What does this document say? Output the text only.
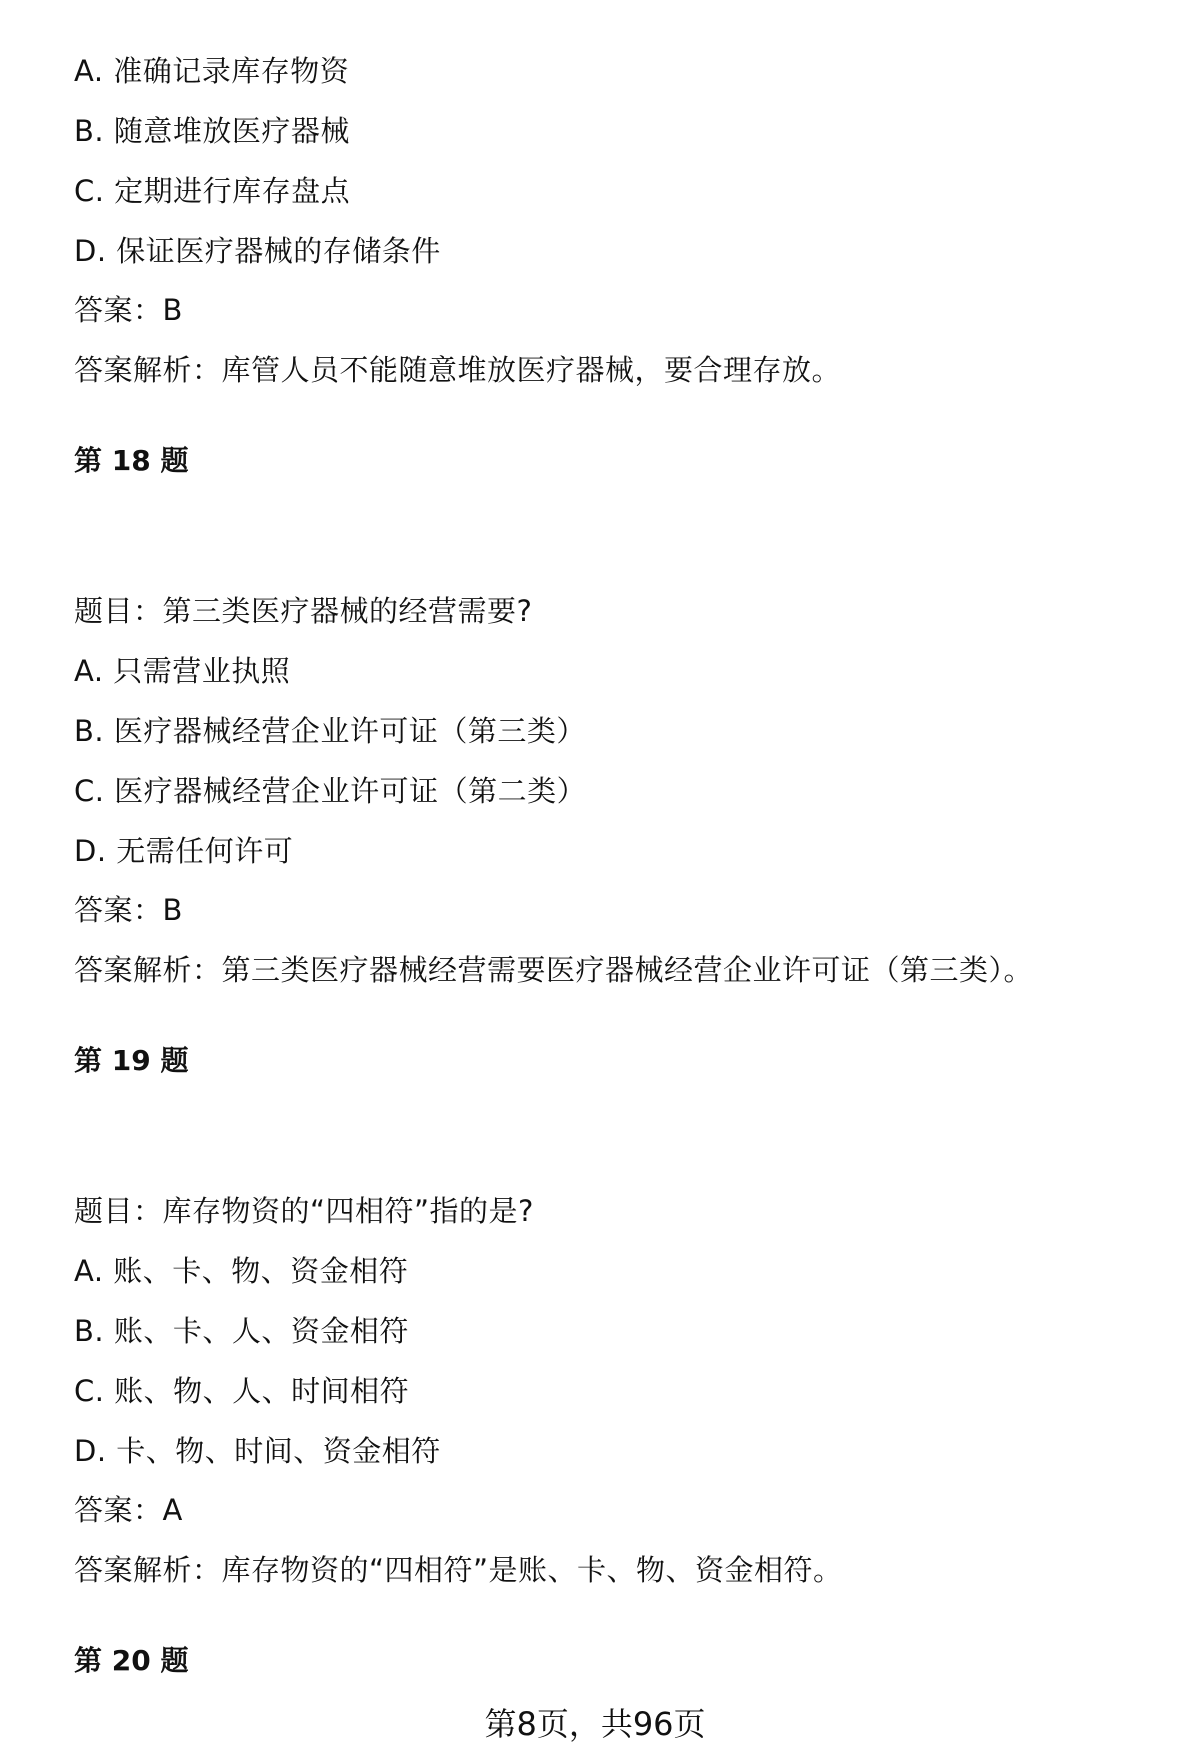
A. 准确记录库存物资
B. 随意堆放医疗器械
C. 定期进行库存盘点
D. 保证医疗器械的存储条件
答案：B
答案解析：库管人员不能随意堆放医疗器械，要合理存放。
第 18 题
题目：第三类医疗器械的经营需要?
A. 只需营业执照
B. 医疗器械经营企业许可证（第三类）
C. 医疗器械经营企业许可证（第二类）
D. 无需任何许可
答案：B
答案解析：第三类医疗器械经营需要医疗器械经营企业许可证（第三类）。
第 19 题
题目：库存物资的“四相符”指的是?
A. 账、卡、物、资金相符
B. 账、卡、人、资金相符
C. 账、物、人、时间相符
D. 卡、物、时间、资金相符
答案：A
答案解析：库存物资的“四相符”是账、卡、物、资金相符。
第 20 题
第8页，共96页
